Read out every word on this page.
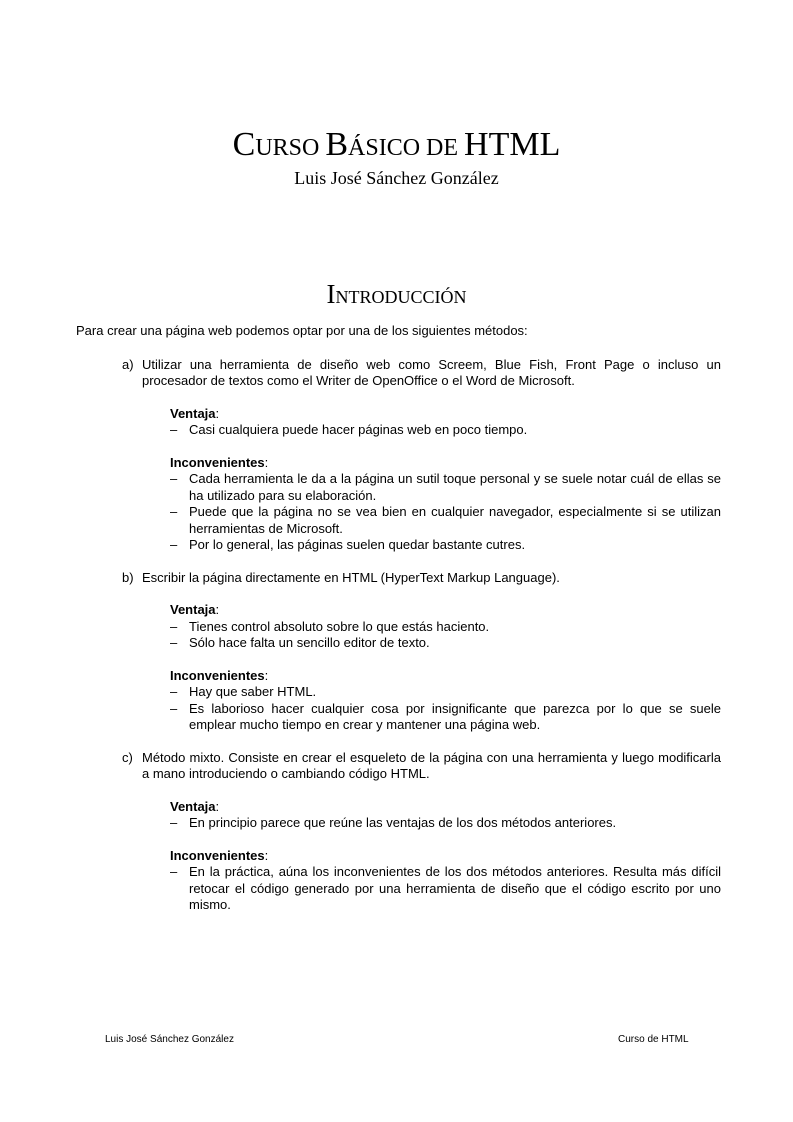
CURSO BÁSICO DE HTML
Luis José Sánchez González
INTRODUCCIÓN

Para crear una página web podemos optar por una de los siguientes métodos:

a) Utilizar una herramienta de diseño web como Screem, Blue Fish, Front Page o incluso un procesador de textos como el Writer de OpenOffice o el Word de Microsoft.
Ventaja:
– Casi cualquiera puede hacer páginas web en poco tiempo.
Inconvenientes:
– Cada herramienta le da a la página un sutil toque personal y se suele notar cuál de ellas se ha utilizado para su elaboración.
– Puede que la página no se vea bien en cualquier navegador, especialmente si se utilizan herramientas de Microsoft.
– Por lo general, las páginas suelen quedar bastante cutres.
b) Escribir la página directamente en HTML (HyperText Markup Language).
Ventaja:
– Tienes control absoluto sobre lo que estás haciento.
– Sólo hace falta un sencillo editor de texto.
Inconvenientes:
– Hay que saber HTML.
– Es laborioso hacer cualquier cosa por insignificante que parezca por lo que se suele emplear mucho tiempo en crear y mantener una página web.
c) Método mixto. Consiste en crear el esqueleto de la página con una herramienta y luego modificarla a mano introduciendo o cambiando código HTML.
Ventaja:
– En principio parece que reúne las ventajas de los dos métodos anteriores.
Inconvenientes:
– En la práctica, aúna los inconvenientes de los dos métodos anteriores. Resulta más difícil retocar el código generado por una herramienta de diseño que el código escrito por uno mismo.
Luis José Sánchez González	Curso de HTML
